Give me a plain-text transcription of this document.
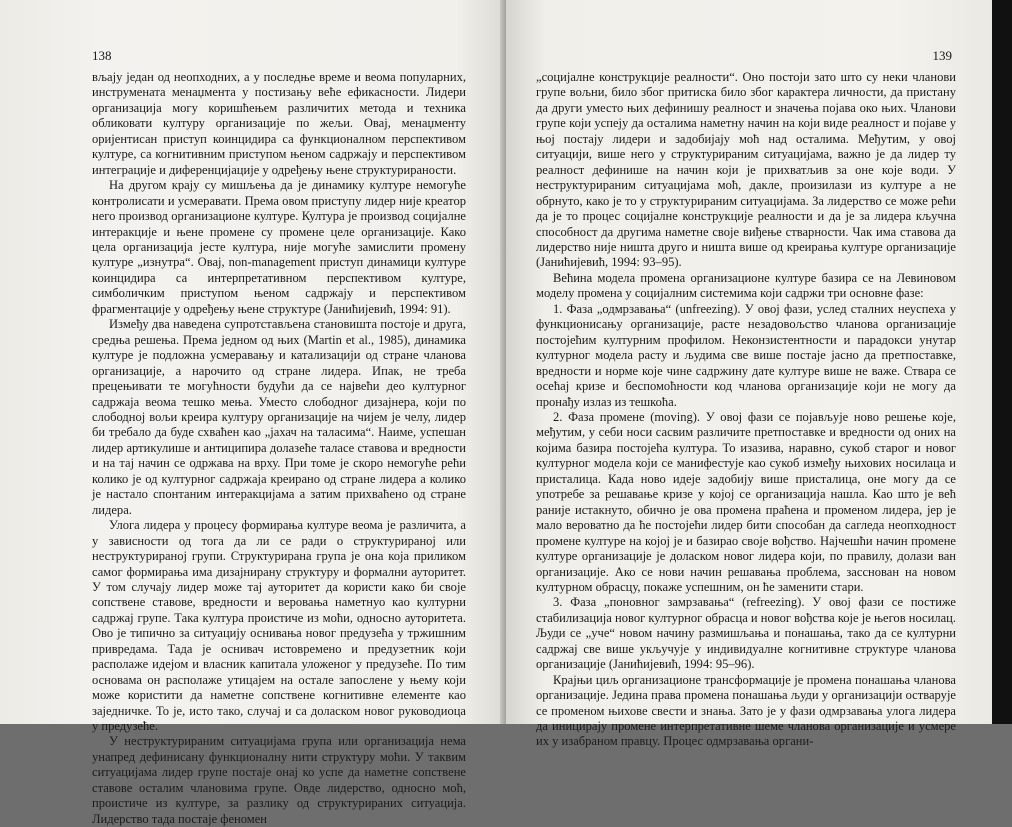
138

вљају један од неопходних, а у последње време и веома популарних, инструмената менаџмента у постизању веће ефикасности. Лидери организација могу коришћењем различитих метода и техника обликовати културу организације по жељи. Овај, менаџменту оријентисан приступ коинцидира са функционалном перспективом културе, са когнитивним приступом њеном садржају и перспективом интеграције и диференцијације у одређењу њене структурираности.

На другом крају су мишљења да је динамику културе немогуће контролисати и усмеравати. Према овом приступу лидер није креатор него производ организационе културе. Култура је производ социјалне интеракције и њене промене су промене целе организације. Како цела организација јесте култура, није могуће замислити промену културе „изнутра“. Овај, non-management приступ динамици културе коинцидира са интерпретативном перспективом културе, симболичким приступом њеном садржају и перспективом фрагментације у одређењу њене структуре (Јанићијевић, 1994: 91).

Између два наведена супротстављена становишта постоје и друга, средња решења. Према једном од њих (Martin et al., 1985), динамика културе је подложна усмеравању и катализацији од стране чланова организације, а нарочито од стране лидера. Ипак, не треба прецењивати те могућности будући да се највећи део културног садржаја веома тешко мења. Уместо слободног дизајнера, који по слободној вољи креира културу организације на чијем је челу, лидер би требало да буде схваћен као „јахач на таласима“. Наиме, успешан лидер артикулише и антиципира долазеће таласе ставова и вредности и на тај начин се одржава на врху. При томе је скоро немогуће рећи колико је од културног садржаја креирано од стране лидера а колико је настало спонтаним интеракцијама а затим прихваћено од стране лидера.

Улога лидера у процесу формирања културе веома је различита, а у зависности од тога да ли се ради о структурираној или неструктурираној групи. Структурирана група је она која приликом самог формирања има дизајнирану структуру и формални ауторитет. У том случају лидер може тај ауторитет да користи како би своје сопствене ставове, вредности и веровања наметнуо као културни садржај групе. Така култура проистиче из моћи, односно ауторитета. Ово је типично за ситуацију оснивања новог предузећа у тржишним привредама. Тада је оснивач истовремено и предузетник који располаже идејом и власник капитала уложеног у предузеће. По тим основама он располаже утицајем на остале запослене у њему који може користити да наметне сопствене когнитивне елементе као заједничке. То је, исто тако, случај и са доласком новог руководиоца у предузеће.

У неструктурираним ситуацијама група или организација нема унапред дефинисану функционалну нити структуру моћи. У таквим ситуацијама лидер групе постаје онај ко успе да наметне сопствене ставове осталим члановима групе. Овде лидерство, односно моћ, проистиче из културе, за разлику од структурираних ситуација. Лидерство тада постаје феномен

139

„социјалне конструкције реалности“. Оно постоји зато што су неки чланови групе вољни, било због притиска било због карактера личности, да пристану да други уместо њих дефинишу реалност и значења појава око њих. Чланови групе који успеју да осталима наметну начин на који виде реалност и појаве у њој постају лидери и задобијају моћ над осталима. Међутим, у овој ситуацији, више него у структурираним ситуацијама, важно је да лидер ту реалност дефинише на начин који је прихватљив за оне које води. У неструктурираним ситуацијама моћ, дакле, произилази из културе а не обрнуто, како је то у структурираним ситуацијама. За лидерство се може рећи да је то процес социјалне конструкције реалности и да је за лидера кључна способност да другима наметне своје виђење стварности. Чак има ставова да лидерство није ништа друго и ништа више од креирања културе организације (Јанићијевић, 1994: 93–95).

Већина модела промена организационе културе базира се на Левиновом моделу промена у социјалним системима који садржи три основне фазе:

1. Фаза „одмрзавања“ (unfreezing). У овој фази, услед сталних неуспеха у функционисању организације, расте незадовољство чланова организације постојећим културним профилом. Неконзистентности и парадокси унутар културног модела расту и људима све више постаје јасно да претпоставке, вредности и норме које чине садржину дате културе више не важе. Ствара се осећај кризе и беспомоћности код чланова организације који не могу да пронађу излаз из тешкоћа.

2. Фаза промене (moving). У овој фази се појављује ново решење које, међутим, у себи носи сасвим различите претпоставке и вредности од оних на којима базира постојећа култура. То изазива, наравно, сукоб старог и новог културног модела који се манифестује као сукоб између њихових носилаца и присталица. Када ново идеје задобију више присталица, оне могу да се употребе за решавање кризе у којој се организација нашла. Као што је већ раније истакнуто, обично је ова промена праћена и променом лидера, јер је мало вероватно да ће постојећи лидер бити способан да сагледа неопходност промене културе на којој је и базирао своје вођство. Најчешћи начин промене културе организације је доласком новог лидера који, по правилу, долази ван организације. Ако се нови начин решавања проблема, засснован на новом културном обрасцу, покаже успешним, он ће заменити стари.

3. Фаза „поновног замрзавања“ (refreezing). У овој фази се постиже стабилизација новог културног обрасца и новог вођства које је његов носилац. Људи се „уче“ новом начину размишљања и понашања, тако да се културни садржај све више укључује у индивидуалне когнитивне структуре чланова организације (Јанићијевић, 1994: 95–96).

Крајњи циљ организационе трансформације је промена понашања чланова организације. Једина права промена понашања људи у организацији остварује се променом њихове свести и знања. Зато је у фази одмрзавања улога лидера да иницирају промене интерпретативне шеме чланова организације и усмере их у изабраном правцу. Процес одмрзавања органи-
